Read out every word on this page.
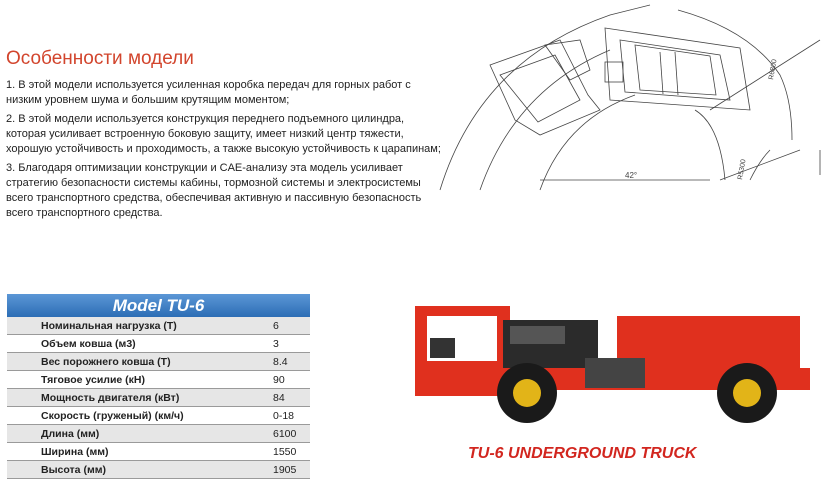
Особенности модели

1. В этой модели используется усиленная коробка передач для горных работ с низким уровнем шума и большим крутящим моментом;

2. В этой модели используется конструкция переднего подъемного цилиндра, которая усиливает встроенную боковую защиту, имеет низкий центр тяжести, хорошую устойчивость и проходимость, а также высокую устойчивость к царапинам;

3. Благодаря оптимизации конструкции и CAE-анализу эта модель усиливает стратегию безопасности системы кабины, тормозной системы и электросистемы всего транспортного средства, обеспечивая активную и пассивную безопасность всего транспортного средства.

R6800
R5300
42°
Model TU-6
Номинальная нагрузка (Т)	6
Объем ковша (м3)	3
Вес порожнего ковша (Т)	8.4
Тяговое усилие (кН)	90
Мощность двигателя (кВт)	84
Скорость (груженый) (км/ч)	0-18
Длина (мм)	6100
Ширина (мм)	1550
Высота (мм)	1905
TU-6 UNDERGROUND TRUCK
